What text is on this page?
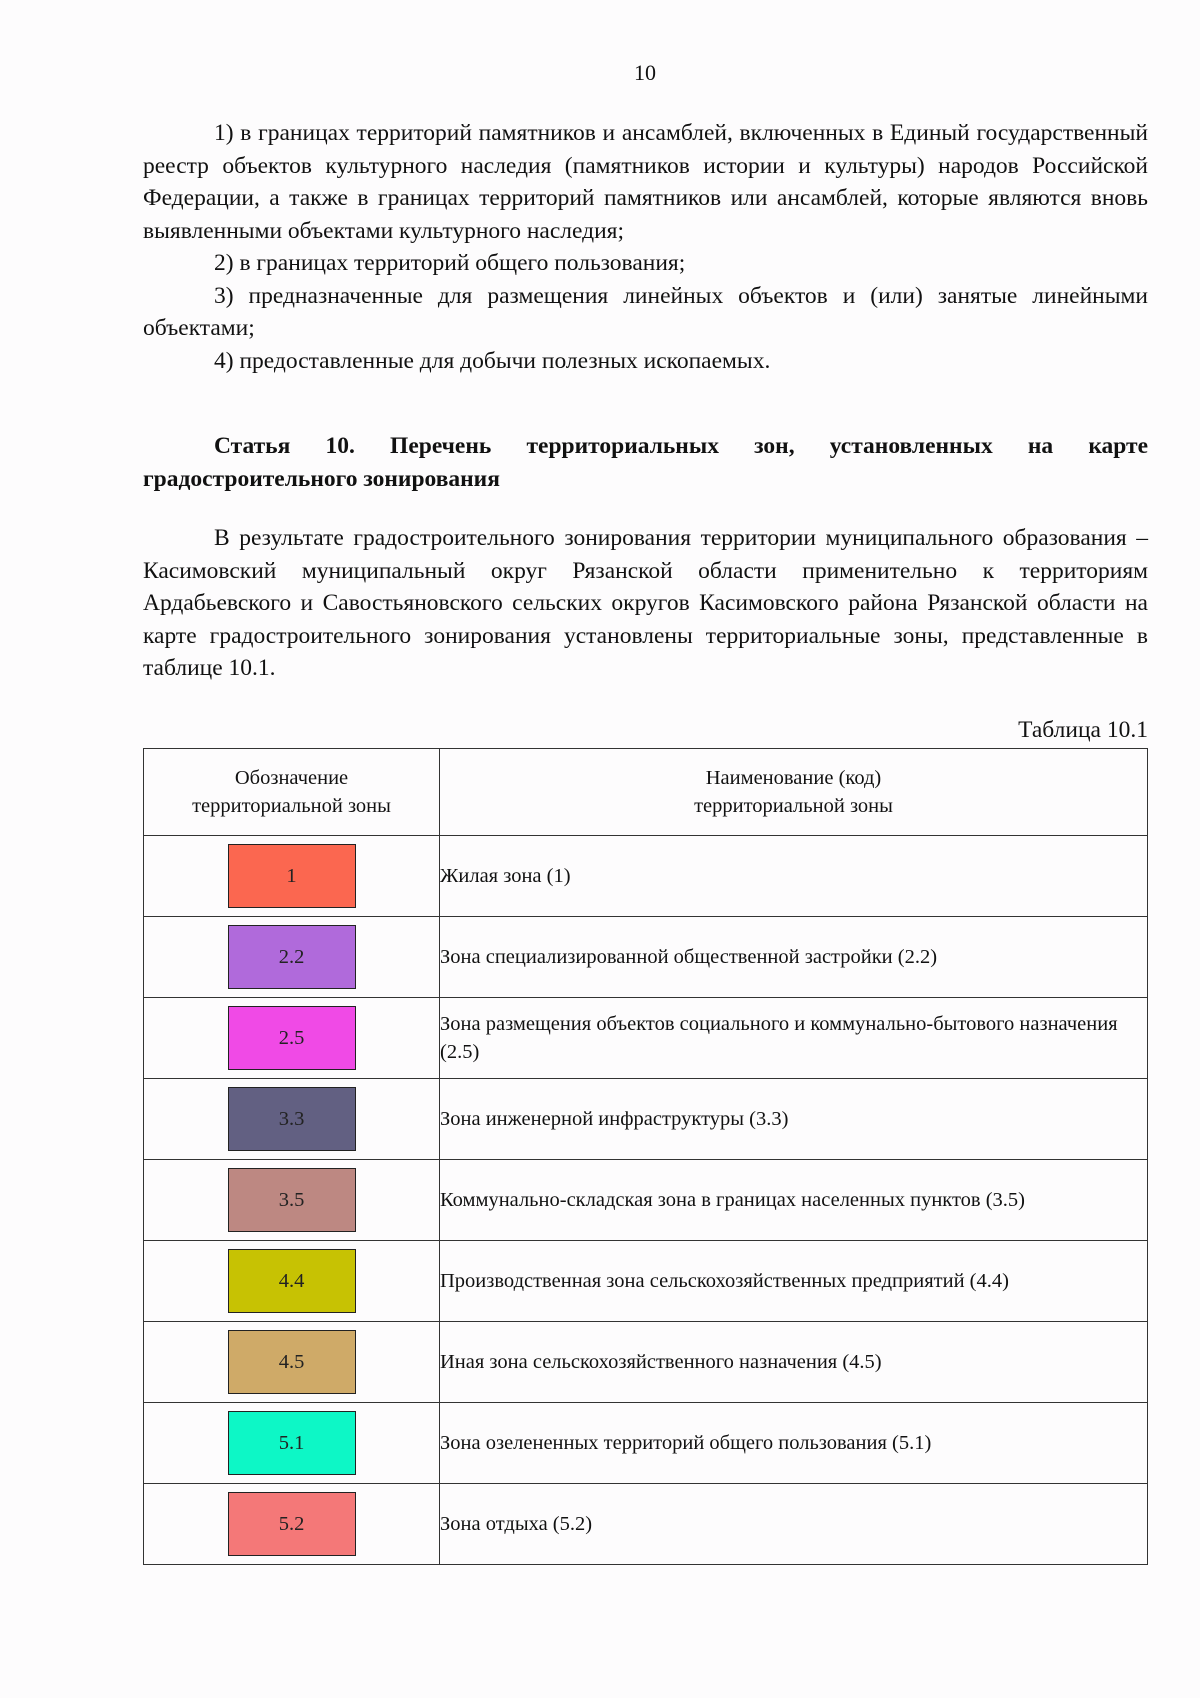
10

1) в границах территорий памятников и ансамблей, включенных в Единый государственный реестр объектов культурного наследия (памятников истории и культуры) народов Российской Федерации, а также в границах территорий памятников или ансамблей, которые являются вновь выявленными объектами культурного наследия;

2) в границах территорий общего пользования;

3) предназначенные для размещения линейных объектов и (или) занятые линейными объектами;

4) предоставленные для добычи полезных ископаемых.

Статья 10. Перечень территориальных зон, установленных на карте градостроительного зонирования

В результате градостроительного зонирования территории муниципального образования – Касимовский муниципальный округ Рязанской области применительно к территориям Ардабьевского и Савостьяновского сельских округов Касимовского района Рязанской области на карте градостроительного зонирования установлены территориальные зоны, представленные в таблице 10.1.

Таблица 10.1
Обозначение территориальной зоны	Наименование (код) территориальной зоны
1	Жилая зона (1)
2.2	Зона специализированной общественной застройки (2.2)
2.5	Зона размещения объектов социального и коммунально-бытового назначения (2.5)
3.3	Зона инженерной инфраструктуры (3.3)
3.5	Коммунально-складская зона в границах населенных пунктов (3.5)
4.4	Производственная зона сельскохозяйственных предприятий (4.4)
4.5	Иная зона сельскохозяйственного назначения (4.5)
5.1	Зона озелененных территорий общего пользования (5.1)
5.2	Зона отдыха (5.2)
